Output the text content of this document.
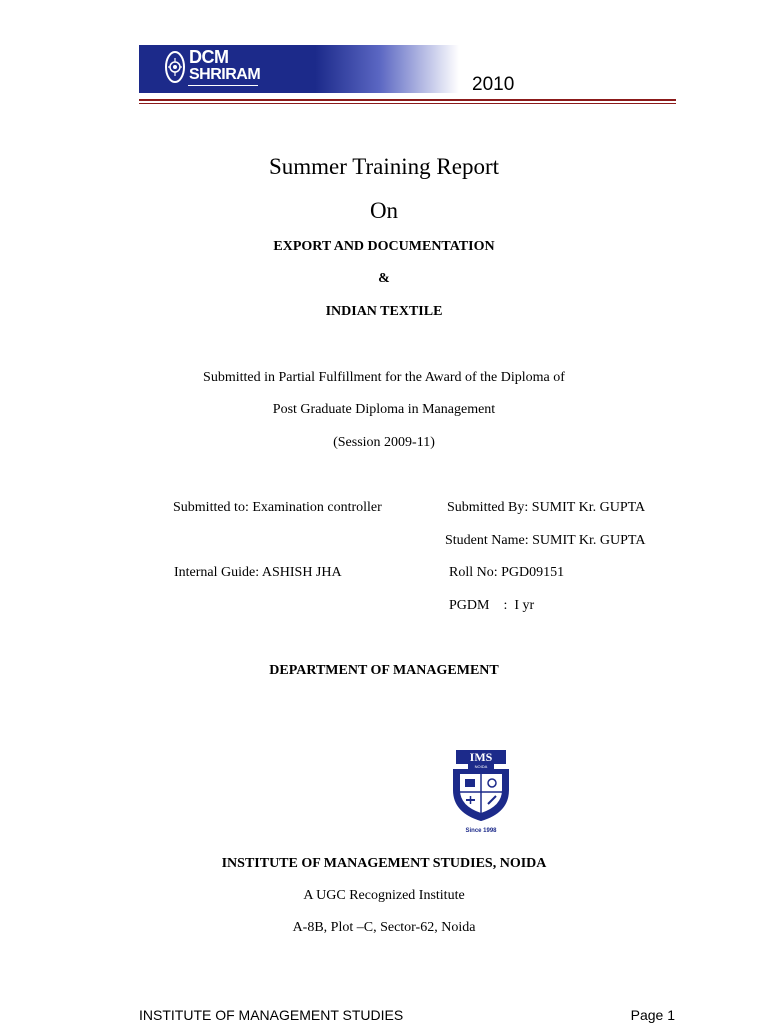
DCM
SHRIRAM	2010
Summer Training Report
On
EXPORT AND DOCUMENTATION
&
INDIAN TEXTILE
Submitted in Partial Fulfillment for the Award of the Diploma of
Post Graduate Diploma in Management
(Session 2009-11)
Submitted to: Examination controller
Internal Guide: ASHISH JHA
Submitted By: SUMIT Kr. GUPTA
Student Name: SUMIT Kr. GUPTA
Roll No: PGD09151
PGDM    :  I yr
DEPARTMENT OF MANAGEMENT
IMS
NOIDA
Since 1998
INSTITUTE OF MANAGEMENT STUDIES, NOIDA
A UGC Recognized Institute
A-8B, Plot –C, Sector-62, Noida
INSTITUTE OF MANAGEMENT STUDIES	Page 1
